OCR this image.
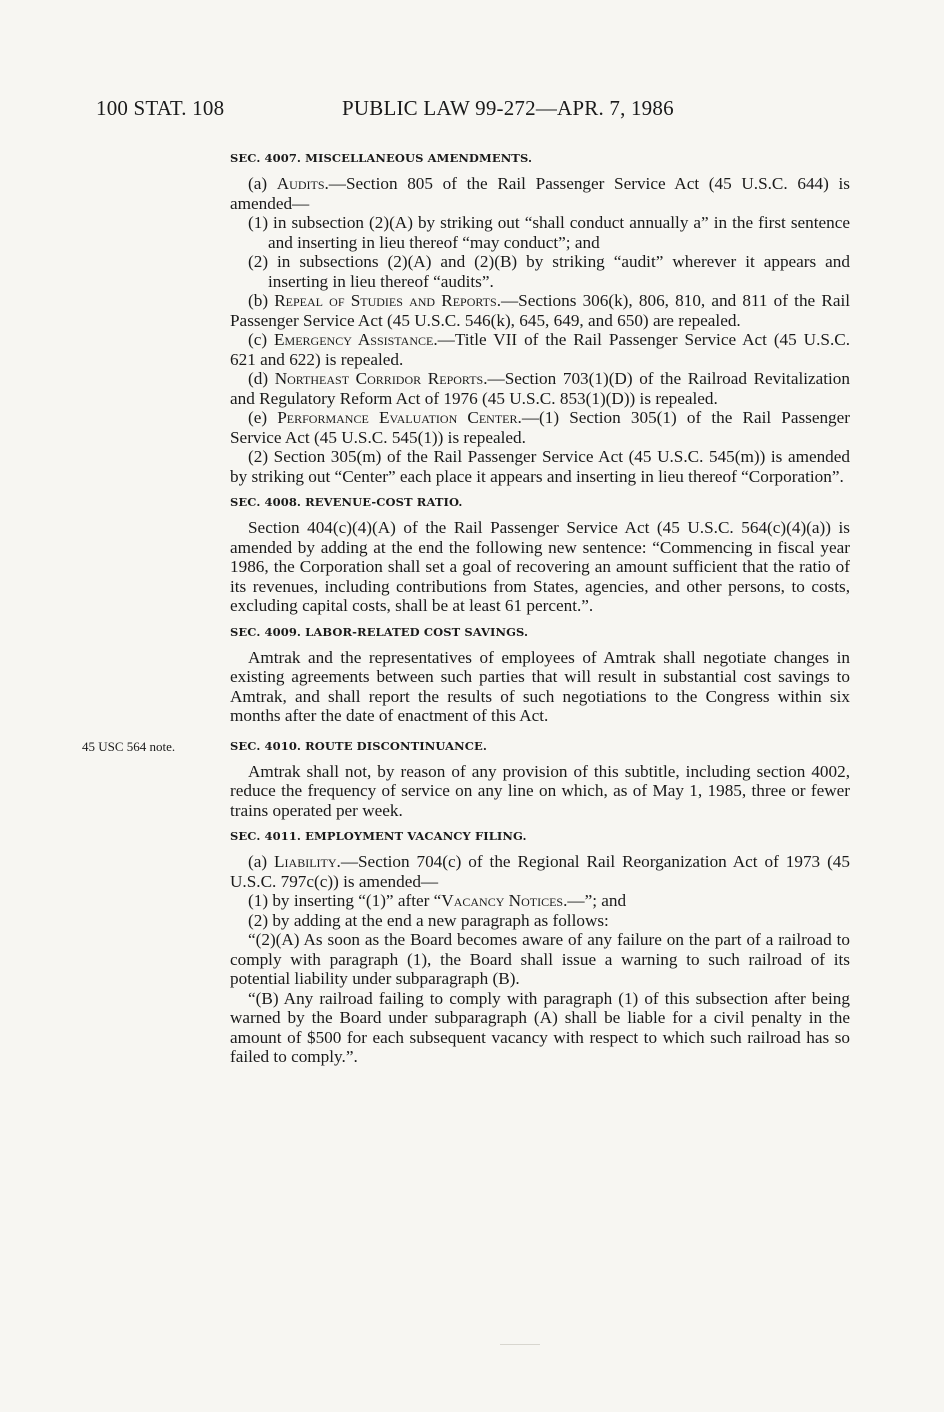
100 STAT. 108	PUBLIC LAW 99-272—APR. 7, 1986
SEC. 4007. MISCELLANEOUS AMENDMENTS.

(a) Audits.—Section 805 of the Rail Passenger Service Act (45 U.S.C. 644) is amended—

(1) in subsection (2)(A) by striking out “shall conduct annually a” in the first sentence and inserting in lieu thereof “may conduct”; and

(2) in subsections (2)(A) and (2)(B) by striking “audit” wherever it appears and inserting in lieu thereof “audits”.

(b) Repeal of Studies and Reports.—Sections 306(k), 806, 810, and 811 of the Rail Passenger Service Act (45 U.S.C. 546(k), 645, 649, and 650) are repealed.

(c) Emergency Assistance.—Title VII of the Rail Passenger Service Act (45 U.S.C. 621 and 622) is repealed.

(d) Northeast Corridor Reports.—Section 703(1)(D) of the Railroad Revitalization and Regulatory Reform Act of 1976 (45 U.S.C. 853(1)(D)) is repealed.

(e) Performance Evaluation Center.—(1) Section 305(1) of the Rail Passenger Service Act (45 U.S.C. 545(1)) is repealed.

(2) Section 305(m) of the Rail Passenger Service Act (45 U.S.C. 545(m)) is amended by striking out “Center” each place it appears and inserting in lieu thereof “Corporation”.

SEC. 4008. REVENUE-COST RATIO.

Section 404(c)(4)(A) of the Rail Passenger Service Act (45 U.S.C. 564(c)(4)(a)) is amended by adding at the end the following new sentence: “Commencing in fiscal year 1986, the Corporation shall set a goal of recovering an amount sufficient that the ratio of its revenues, including contributions from States, agencies, and other persons, to costs, excluding capital costs, shall be at least 61 percent.”.

SEC. 4009. LABOR-RELATED COST SAVINGS.

Amtrak and the representatives of employees of Amtrak shall negotiate changes in existing agreements between such parties that will result in substantial cost savings to Amtrak, and shall report the results of such negotiations to the Congress within six months after the date of enactment of this Act.

45 USC 564 note.	SEC. 4010. ROUTE DISCONTINUANCE.

Amtrak shall not, by reason of any provision of this subtitle, including section 4002, reduce the frequency of service on any line on which, as of May 1, 1985, three or fewer trains operated per week.

SEC. 4011. EMPLOYMENT VACANCY FILING.

(a) Liability.—Section 704(c) of the Regional Rail Reorganization Act of 1973 (45 U.S.C. 797c(c)) is amended—

(1) by inserting “(1)” after “Vacancy Notices.—”; and

(2) by adding at the end a new paragraph as follows:

“(2)(A) As soon as the Board becomes aware of any failure on the part of a railroad to comply with paragraph (1), the Board shall issue a warning to such railroad of its potential liability under subparagraph (B).

“(B) Any railroad failing to comply with paragraph (1) of this subsection after being warned by the Board under subparagraph (A) shall be liable for a civil penalty in the amount of $500 for each subsequent vacancy with respect to which such railroad has so failed to comply.”.
